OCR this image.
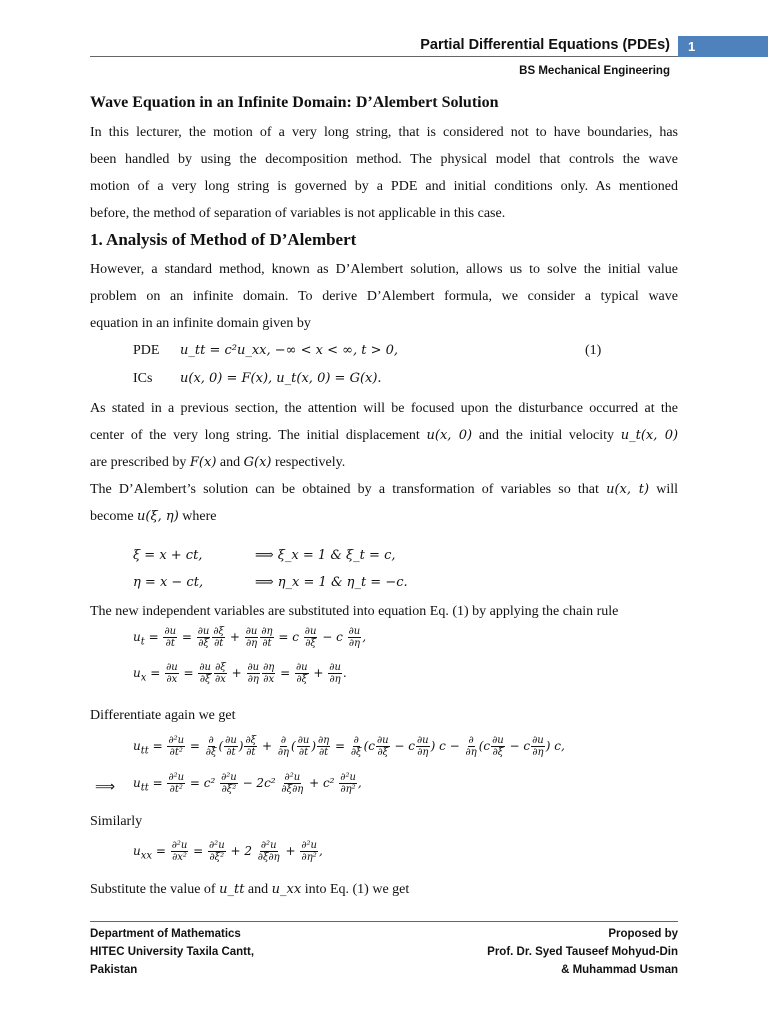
Partial Differential Equations (PDEs)	1
BS Mechanical Engineering
Wave Equation in an Infinite Domain: D’Alembert Solution
In this lecturer, the motion of a very long string, that is considered not to have boundaries, has
been handled by using the decomposition method. The physical model that controls the wave
motion of a very long string is governed by a PDE and initial conditions only. As mentioned
before, the method of separation of variables is not applicable in this case.
1. Analysis of Method of D’Alembert
However, a standard method, known as D’Alembert solution, allows us to solve the initial value
problem on an infinite domain. To derive D’Alembert formula, we consider a typical wave
equation in an infinite domain given by
PDE u_tt = c²u_xx, −∞ < x < ∞, t > 0,	(1)
ICs u(x, 0) = F(x), u_t(x, 0) = G(x).
As stated in a previous section, the attention will be focused upon the disturbance occurred at the
center of the very long string. The initial displacement u(x, 0) and the initial velocity u_t(x, 0)
are prescribed by F(x) and G(x) respectively.
The D’Alembert’s solution can be obtained by a transformation of variables so that u(x, t) will
become u(ξ, η) where
ξ = x + ct,	⟹ ξ_x = 1 & ξ_t = c,
η = x − ct,	⟹ η_x = 1 & η_t = −c.
The new independent variables are substituted into equation Eq. (1) by applying the chain rule
$u_t = \frac{\partial u}{\partial t} = \frac{\partial u}{\partial\xi} \frac{\partial\xi}{\partial t} + \frac{\partial u}{\partial\eta} \frac{\partial\eta}{\partial t} = c \frac{\partial u}{\partial\xi} - c \frac{\partial u}{\partial\eta}$ ,
$u_x = \frac{\partial u}{\partial x} = \frac{\partial u}{\partial\xi} \frac{\partial\xi}{\partial x} + \frac{\partial u}{\partial\eta} \frac{\partial\eta}{\partial x} = \frac{\partial u}{\partial\xi} + \frac{\partial u}{\partial\eta}$ .
Differentiate again we get
$u_{tt} = \frac{\text{∂²u}}{\text{∂t²}} = \frac{\partial}{\partial\xi}$ ( $\frac{\partial u}{\partial t}$ ) $\frac{\partial\xi}{\partial t} + \frac{\partial}{\partial\eta}$ ( $\frac{\partial u}{\partial t}$ ) $\frac{\partial\eta}{\partial t} = \frac{\partial}{\partial\xi} (c \frac{\partial u}{\partial\xi} - c \frac{\partial u}{\partial\eta}$ ) $c - \frac{\partial}{\partial\eta} (c \frac{\partial u}{\partial\xi} - c \frac{\partial u}{\partial\eta}$ ) c,
⟹ $u_{tt} = \frac{\text{∂²u}}{\text{∂t²}} = c^2 \frac{\text{∂²u}}{\text{∂ξ²}} - 2c^2 \frac{\text{∂²u}}{\partial\xi\partial\eta} + c^2 \frac{\text{∂²u}}{\text{∂η²}}$ ,
Similarly
$u_{xx} = \frac{\text{∂²u}}{\text{∂x²}} = \frac{\text{∂²u}}{\text{∂ξ²}} + 2 \frac{\text{∂²u}}{\partial\xi\partial\eta} + \frac{\text{∂²u}}{\text{∂η²}}$ ,
Substitute the value of u_tt and u_xx into Eq. (1) we get
Department of Mathematics
HITEC University Taxila Cantt,
Pakistan
Proposed by
Prof. Dr. Syed Tauseef Mohyud-Din
& Muhammad Usman
